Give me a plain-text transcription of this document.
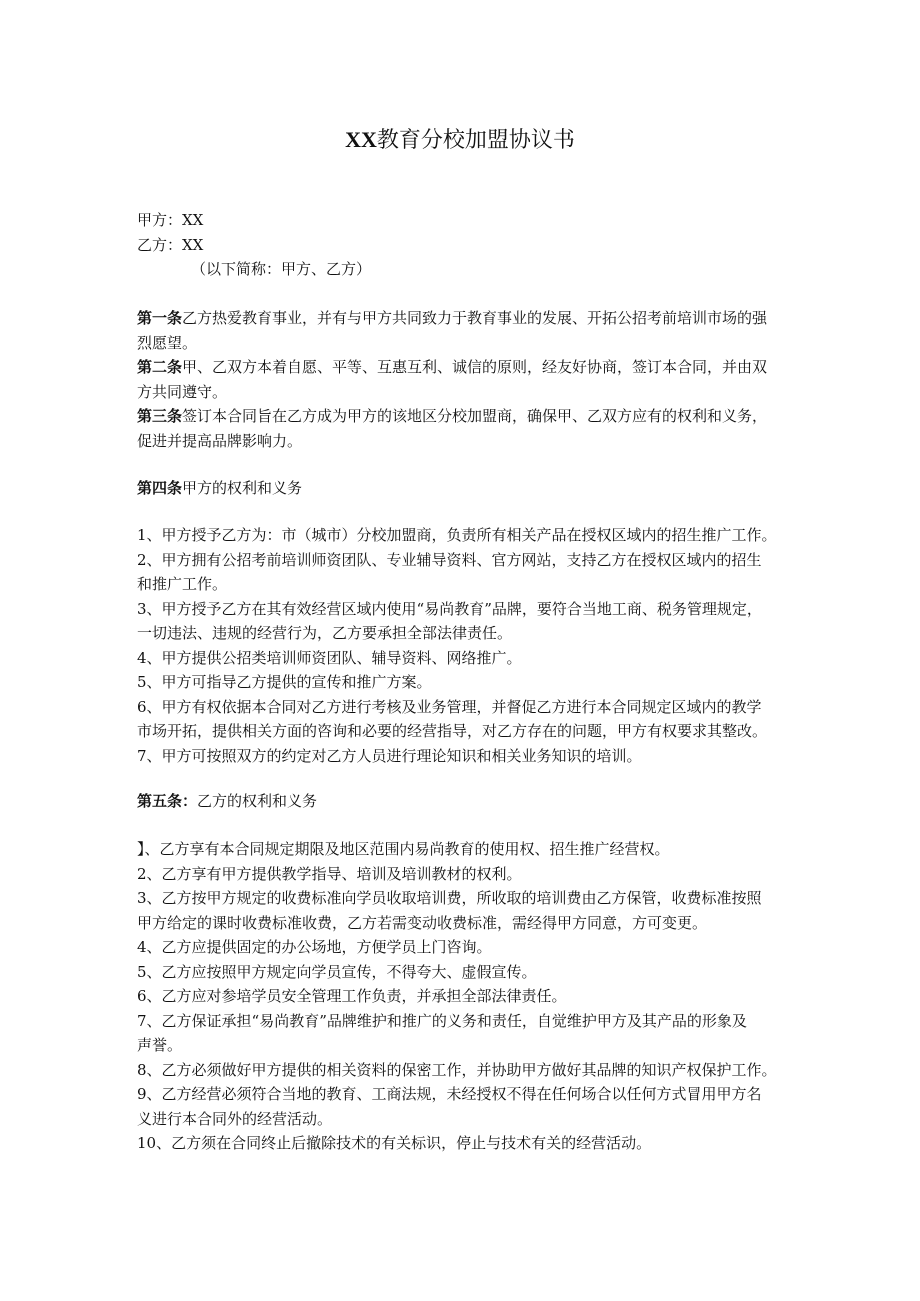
XX教育分校加盟协议书

甲方：XX

乙方：XX

（以下简称：甲方、乙方）

第一条乙方热爱教育事业，并有与甲方共同致力于教育事业的发展、开拓公招考前培训市场的强

烈愿望。

第二条甲、乙双方本着自愿、平等、互惠互利、诚信的原则，经友好协商，签订本合同，并由双

方共同遵守。

第三条签订本合同旨在乙方成为甲方的该地区分校加盟商，确保甲、乙双方应有的权利和义务，

促进并提高品牌影响力。

第四条甲方的权利和义务

1、甲方授予乙方为：市（城市）分校加盟商，负责所有相关产品在授权区域内的招生推广工作。

2、甲方拥有公招考前培训师资团队、专业辅导资料、官方网站，支持乙方在授权区域内的招生

和推广工作。

3、甲方授予乙方在其有效经营区域内使用“易尚教育”品牌，要符合当地工商、税务管理规定，

一切违法、违规的经营行为，乙方要承担全部法律责任。

4、甲方提供公招类培训师资团队、辅导资料、网络推广。

5、甲方可指导乙方提供的宣传和推广方案。

6、甲方有权依据本合同对乙方进行考核及业务管理，并督促乙方进行本合同规定区域内的教学

市场开拓，提供相关方面的咨询和必要的经营指导，对乙方存在的问题，甲方有权要求其整改。

7、甲方可按照双方的约定对乙方人员进行理论知识和相关业务知识的培训。

第五条：乙方的权利和义务

】、乙方享有本合同规定期限及地区范围内易尚教育的使用权、招生推广经营权。

2、乙方享有甲方提供教学指导、培训及培训教材的权利。

3、乙方按甲方规定的收费标准向学员收取培训费，所收取的培训费由乙方保管，收费标准按照

甲方给定的课时收费标准收费，乙方若需变动收费标准，需经得甲方同意，方可变更。

4、乙方应提供固定的办公场地，方便学员上门咨询。

5、乙方应按照甲方规定向学员宣传，不得夸大、虚假宣传。

6、乙方应对参培学员安全管理工作负责，并承担全部法律责任。

7、乙方保证承担“易尚教育”品牌维护和推广的义务和责任，自觉维护甲方及其产品的形象及

声誉。

8、乙方必须做好甲方提供的相关资料的保密工作，并协助甲方做好其品牌的知识产权保护工作。

9、乙方经营必须符合当地的教育、工商法规，未经授权不得在任何场合以任何方式冒用甲方名

义进行本合同外的经营活动。

10、乙方须在合同终止后撤除技术的有关标识，停止与技术有关的经营活动。
